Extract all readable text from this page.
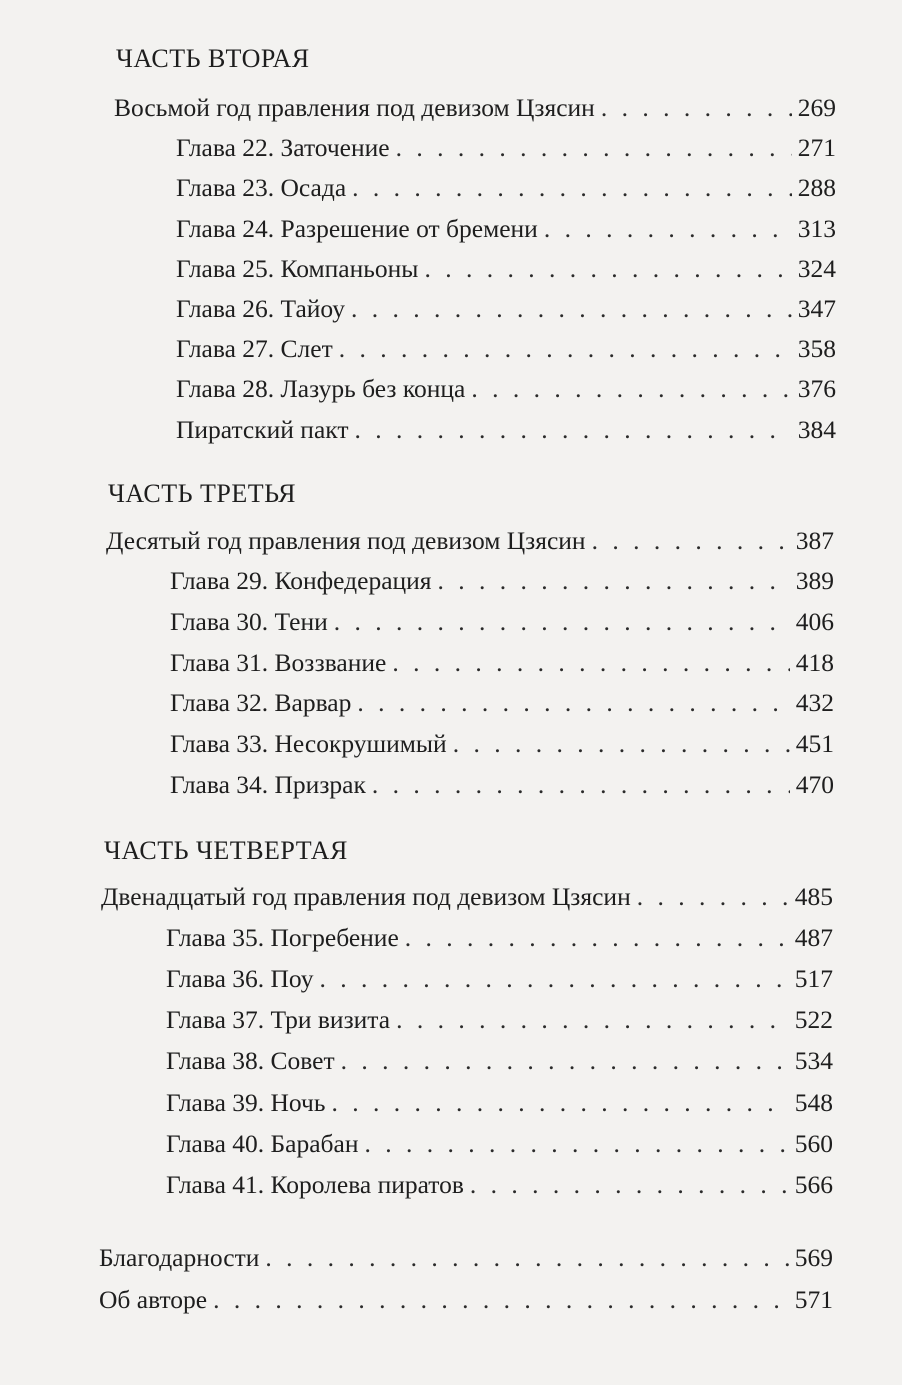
ЧАСТЬ ВТОРАЯ
Восьмой год правления под девизом Цзясин . . .	269
Глава 22. Заточение . . .	271
Глава 23. Осада . . .	288
Глава 24. Разрешение от бремени . . .	313
Глава 25. Компаньоны . . .	324
Глава 26. Тайоу . . .	347
Глава 27. Слет . . .	358
Глава 28. Лазурь без конца . . .	376
Пиратский пакт . . .	384
ЧАСТЬ ТРЕТЬЯ
Десятый год правления под девизом Цзясин . . .	387
Глава 29. Конфедерация . . .	389
Глава 30. Тени . . .	406
Глава 31. Воззвание . . .	418
Глава 32. Варвар . . .	432
Глава 33. Несокрушимый . . .	451
Глава 34. Призрак . . .	470
ЧАСТЬ ЧЕТВЕРТАЯ
Двенадцатый год правления под девизом Цзясин . . .	485
Глава 35. Погребение . . .	487
Глава 36. Поу . . .	517
Глава 37. Три визита . . .	522
Глава 38. Совет . . .	534
Глава 39. Ночь . . .	548
Глава 40. Барабан . . .	560
Глава 41. Королева пиратов . . .	566
Благодарности . . .	569
Об авторе . . .	571
